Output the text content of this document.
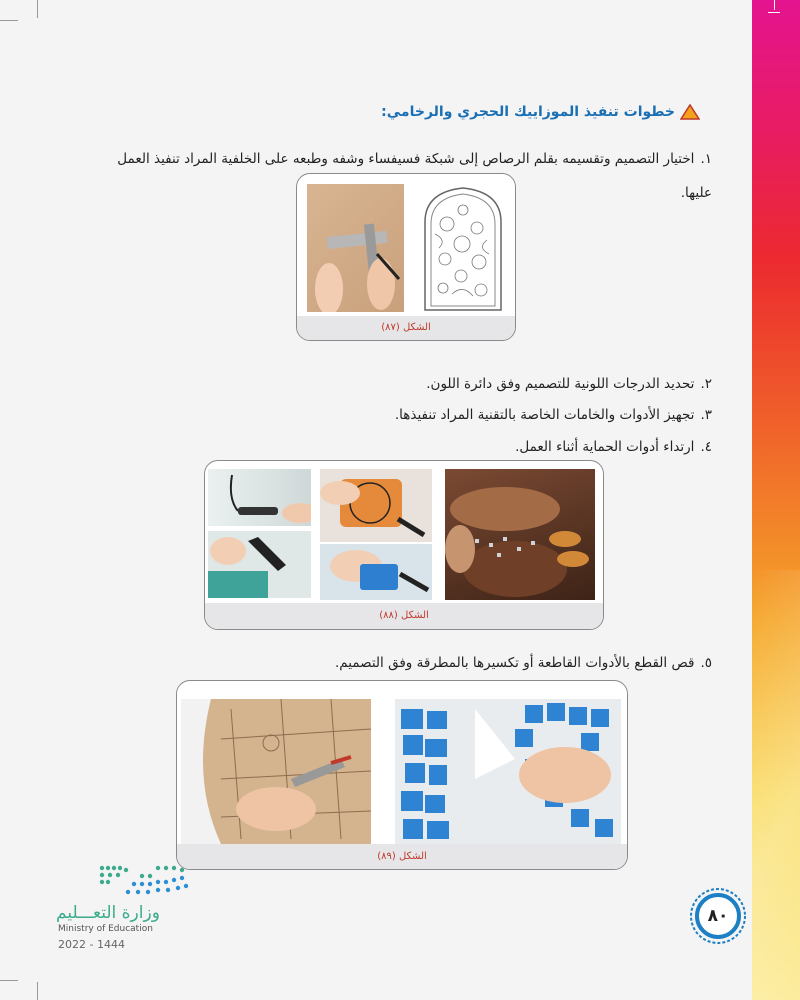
خطوات تنفيذ الموزاييك الحجري والرخامي:
١.اختيار التصميم وتقسيمه بقلم الرصاص إلى شبكة فسيفساء وشفه وطبعه على الخلفية المراد تنفيذ العمل
عليها.
الشكل (٨٧)
٢.تحديد الدرجات اللونية للتصميم وفق دائرة اللون.
٣.تجهيز الأدوات والخامات الخاصة بالتقنية المراد تنفيذها.
٤.ارتداء أدوات الحماية أثناء العمل.
الشكل (٨٨)
٥.قص القطع بالأدوات القاطعة أو تكسيرها بالمطرقة وفق التصميم.
الشكل (٨٩)
وزارة التعـــليم
Ministry of Education
2022 - 1444
٨٠
